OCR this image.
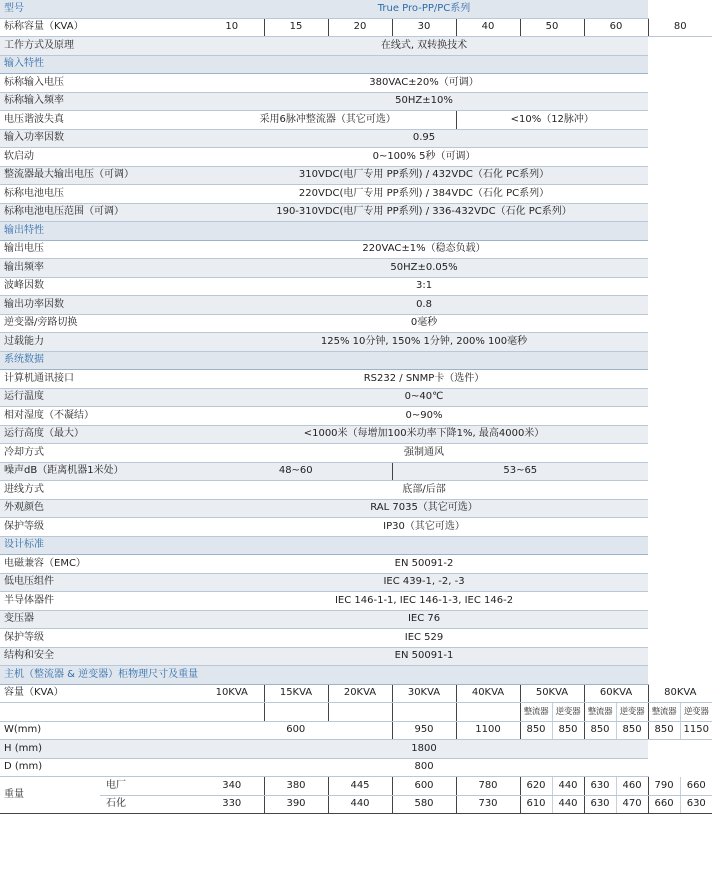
型号		True Pro-PP/PC系列										
标称容量（KVA）		10	15	20	30	40	50		60		80	
工作方式及原理		在线式, 双转换技术										
输入特性												
标称输入电压		380VAC±20%（可调）										
标称输入频率		50HZ±10%										
电压谐波失真		采用6脉冲整流器（其它可选）				<10%（12脉冲）						
输入功率因数		0.95										
软启动		0~100% 5秒（可调）										
整流器最大输出电压（可调）		310VDC(电厂专用 PP系列) / 432VDC（石化 PC系列）										
标称电池电压		220VDC(电厂专用 PP系列) / 384VDC（石化 PC系列）										
标称电池电压范围（可调）		190-310VDC(电厂专用 PP系列) / 336-432VDC（石化 PC系列）										
输出特性												
输出电压		220VAC±1%（稳态负载）										
输出频率		50HZ±0.05%										
波峰因数		3:1										
输出功率因数		0.8										
逆变器/旁路切换		0毫秒										
过载能力		125% 10分钟, 150% 1分钟, 200% 100毫秒										
系统数据												
计算机通讯接口		RS232 / SNMP卡（选件）										
运行温度		0~40℃										
相对湿度（不凝结）		0~90%										
运行高度（最大）		<1000米（每增加100米功率下降1%, 最高4000米）										
冷却方式		强制通风										
噪声dB（距离机器1米处）		48~60			53~65							
进线方式		底部/后部										
外观颜色		RAL 7035（其它可选）										
保护等级		IP30（其它可选）										
设计标准												
电磁兼容（EMC）		EN 50091-2										
低电压组件		IEC 439-1, -2, -3										
半导体器件		IEC 146-1-1, IEC 146-1-3, IEC 146-2										
变压器		IEC 76										
保护等级		IEC 529										
结构和安全		EN 50091-1										
主机（整流器 & 逆变器）柜物理尺寸及重量												
容量（KVA）		10KVA	15KVA	20KVA	30KVA	40KVA	50KVA		60KVA		80KVA	
							整流器	逆变器	整流器	逆变器	整流器	逆变器
W(mm)		600			950	1100	850	850	850	850	850	1150
H (mm)		1800										
D (mm)		800										
重量	电厂	340	380	445	600	780	620	440	630	460	790	660
	石化	330	390	440	580	730	610	440	630	470	660	630
